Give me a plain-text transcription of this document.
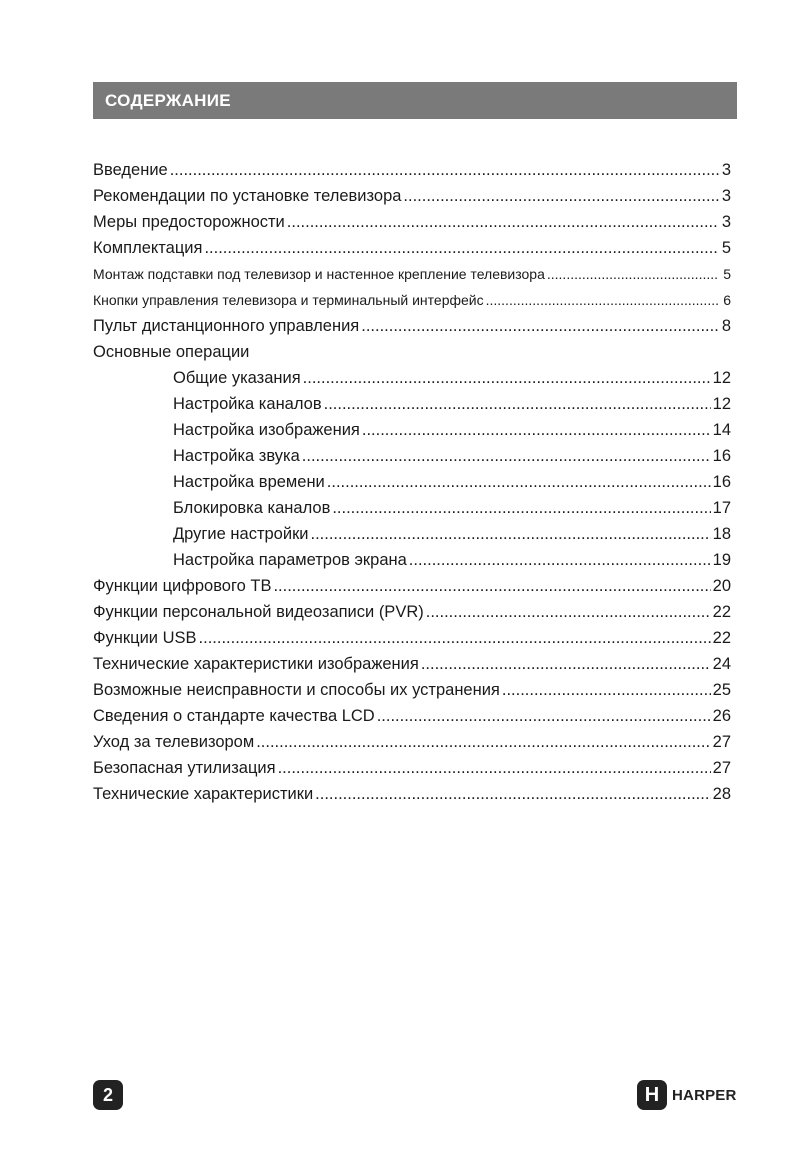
СОДЕРЖАНИЕ
Введение .....	3
Рекомендации по установке телевизора .....	3
Меры предосторожности .....	3
Комплектация .....	5
Монтаж подставки под телевизор и настенное крепление телевизора .....	5
Кнопки управления телевизора и терминальный интерфейс .....	6
Пульт дистанционного управления .....	8
Основные операции
Общие указания .....	12
Настройка каналов .....	12
Настройка изображения .....	14
Настройка звука .....	16
Настройка времени .....	16
Блокировка каналов .....	17
Другие настройки .....	18
Настройка параметров экрана .....	19
Функции цифрового ТВ .....	20
Функции персональной видеозаписи (PVR) .....	22
Функции USB .....	22
Технические характеристики изображения .....	24
Возможные неисправности и способы их устранения .....	25
Сведения о стандарте качества LCD .....	26
Уход за телевизором .....	27
Безопасная утилизация .....	27
Технические характеристики .....	28
2	H HARPER
